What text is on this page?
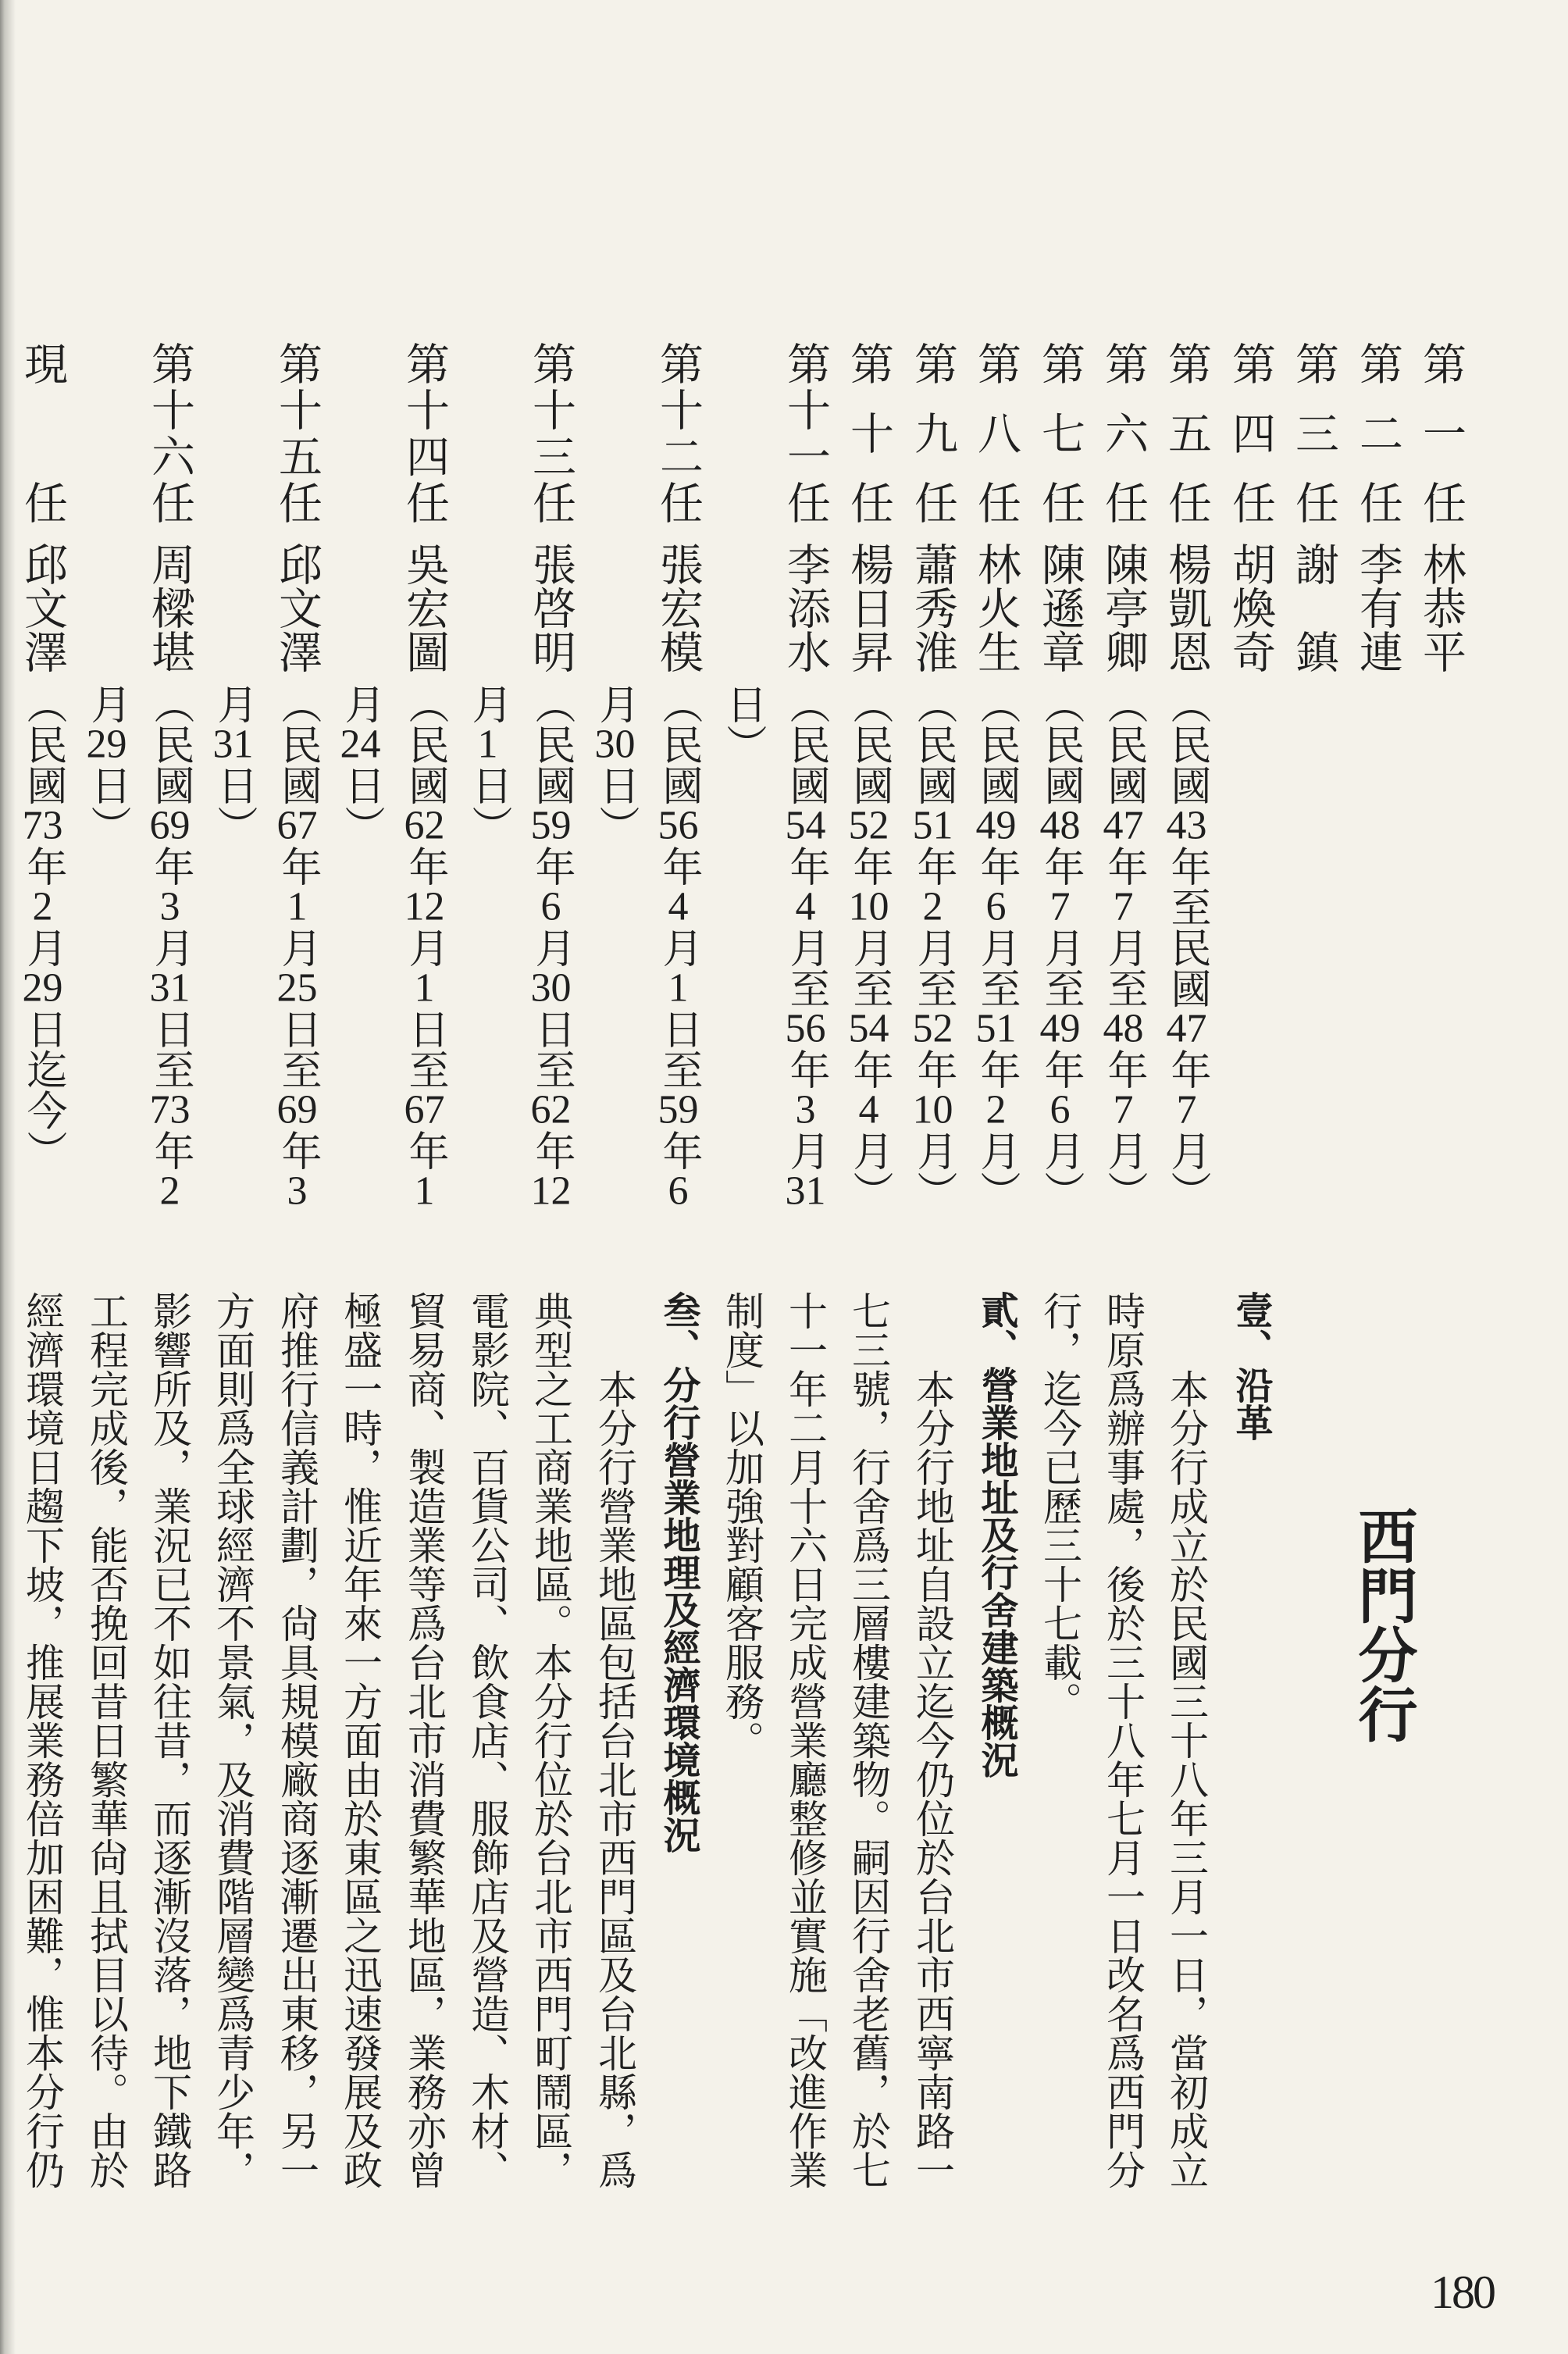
第一任
林恭平
第二任
李有連
第三任
謝　鎮
第四任
胡煥奇
第五任
楊凱恩
（民國43年至民國47年7月）
第六任
陳亭卿
（民國47年7月至48年7月）
第七任
陳遜章
（民國48年7月至49年6月）
第八任
林火生
（民國49年6月至51年2月）
第九任
蕭秀淮
（民國51年2月至52年10月）
第十任
楊日昇
（民國52年10月至54年4月）
第十一任
李添水
（民國54年4月至56年3月31
日）
第十二任
張宏模
（民國56年4月1日至59年6
月30日）
第十三任
張啓明
（民國59年6月30日至62年12
月1日）
第十四任
吳宏圖
（民國62年12月1日至67年1
月24日）
第十五任
邱文澤
（民國67年1月25日至69年3
月31日）
第十六任
周樑堪
（民國69年3月31日至73年2
月29日）
現　任
邱文澤
（民國73年2月29日迄今）
西門分行
壹、沿革

本分行成立於民國三十八年三月一日，當初成立

時原爲辦事處，後於三十八年七月一日改名爲西門分

行，迄今已歷三十七載。

貳、營業地址及行舍建築概況

本分行地址自設立迄今仍位於台北市西寧南路一

七三號，行舍爲三層樓建築物。嗣因行舍老舊，於七

十一年二月十六日完成營業廳整修並實施「改進作業

制度」以加強對顧客服務。

叁、分行營業地理及經濟環境概況

本分行營業地區包括台北市西門區及台北縣，爲

典型之工商業地區。本分行位於台北市西門町鬧區，

電影院、百貨公司、飲食店、服飾店及營造、木材、

貿易商、製造業等爲台北市消費繁華地區，業務亦曾

極盛一時，惟近年來一方面由於東區之迅速發展及政

府推行信義計劃，尙具規模廠商逐漸遷出東移，另一

方面則爲全球經濟不景氣，及消費階層變爲青少年，

影響所及，業況已不如往昔，而逐漸沒落，地下鐵路

工程完成後，能否挽回昔日繁華尙且拭目以待。由於

經濟環境日趨下坡，推展業務倍加困難，惟本分行仍

180
